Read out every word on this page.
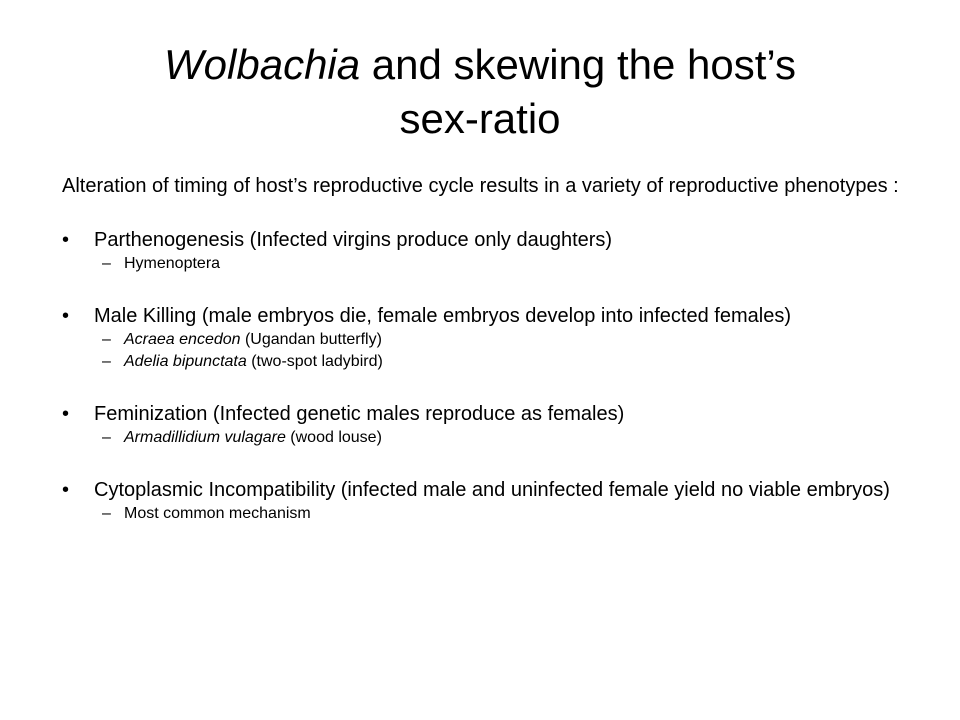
Wolbachia and skewing the host’s
sex-ratio

Alteration of timing of host’s reproductive cycle results in a variety of reproductive phenotypes :

•	Parthenogenesis (Infected virgins produce only daughters)

– Hymenoptera

•	Male Killing (male embryos die, female embryos develop into infected females)

– Acraea encedon (Ugandan butterfly)

– Adelia bipunctata (two-spot ladybird)

•	Feminization (Infected genetic males reproduce as females)

– Armadillidium vulagare (wood louse)

•	Cytoplasmic Incompatibility (infected male and uninfected female yield no viable embryos)

– Most common mechanism
